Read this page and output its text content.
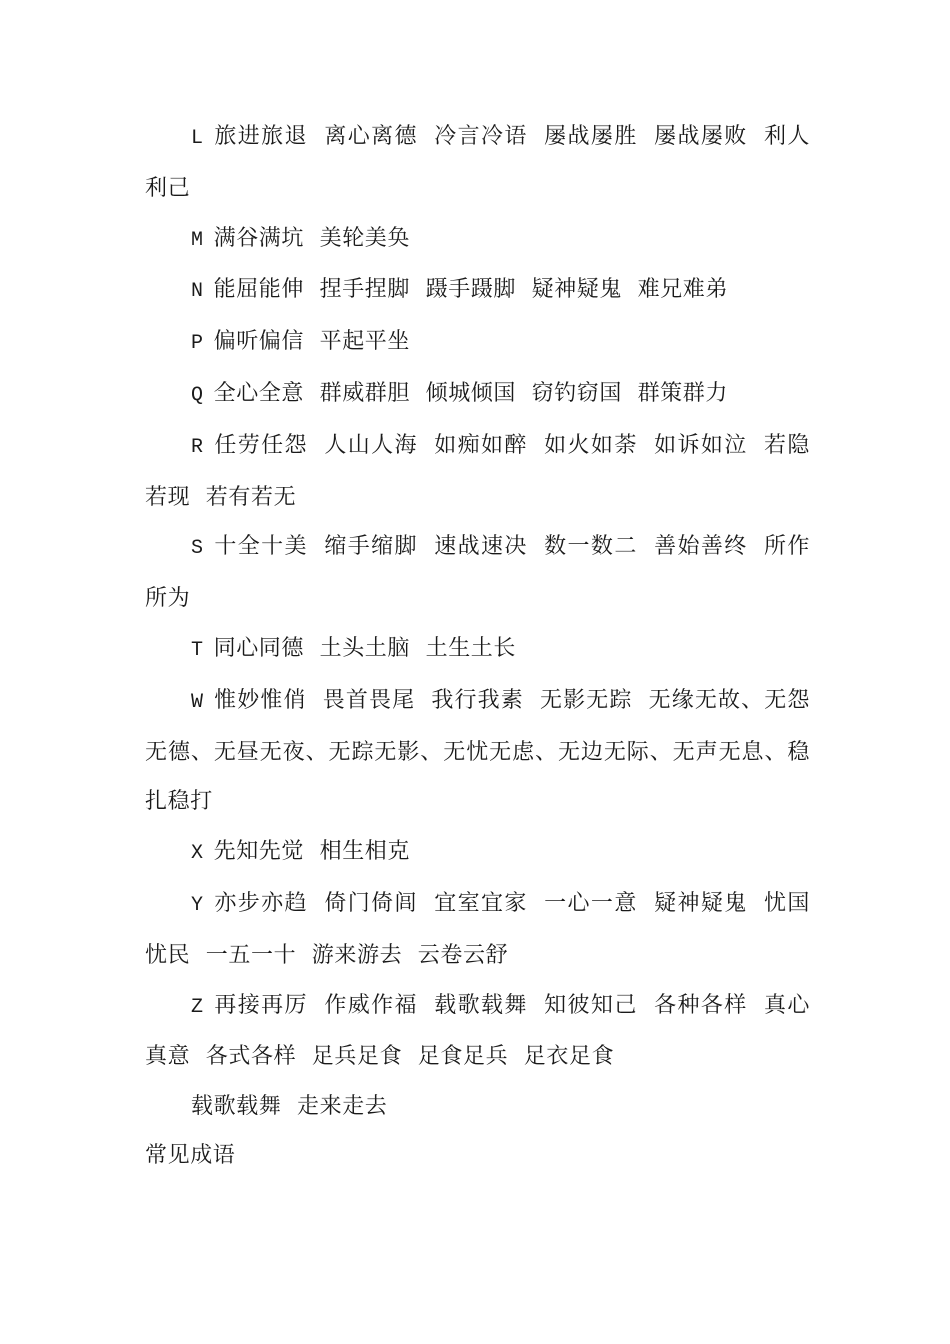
L 旅进旅退 离心离德 冷言冷语 屡战屡胜 屡战屡败 利人利己

M 满谷满坑 美轮美奂

N 能屈能伸 捏手捏脚 蹑手蹑脚 疑神疑鬼 难兄难弟

P 偏听偏信 平起平坐

Q 全心全意 群威群胆 倾城倾国 窃钓窃国 群策群力

R 任劳任怨 人山人海 如痴如醉 如火如荼 如诉如泣 若隐若现 若有若无

S 十全十美 缩手缩脚 速战速决 数一数二 善始善终 所作所为

T 同心同德 土头土脑 土生土长

W 惟妙惟俏 畏首畏尾 我行我素 无影无踪 无缘无故、无怨无德、无昼无夜、无踪无影、无忧无虑、无边无际、无声无息、稳扎稳打

X 先知先觉 相生相克

Y 亦步亦趋 倚门倚闾 宜室宜家 一心一意 疑神疑鬼 忧国忧民 一五一十 游来游去 云卷云舒

Z 再接再厉 作威作福 载歌载舞 知彼知己 各种各样 真心真意 各式各样 足兵足食 足食足兵 足衣足食

载歌载舞 走来走去

常见成语
